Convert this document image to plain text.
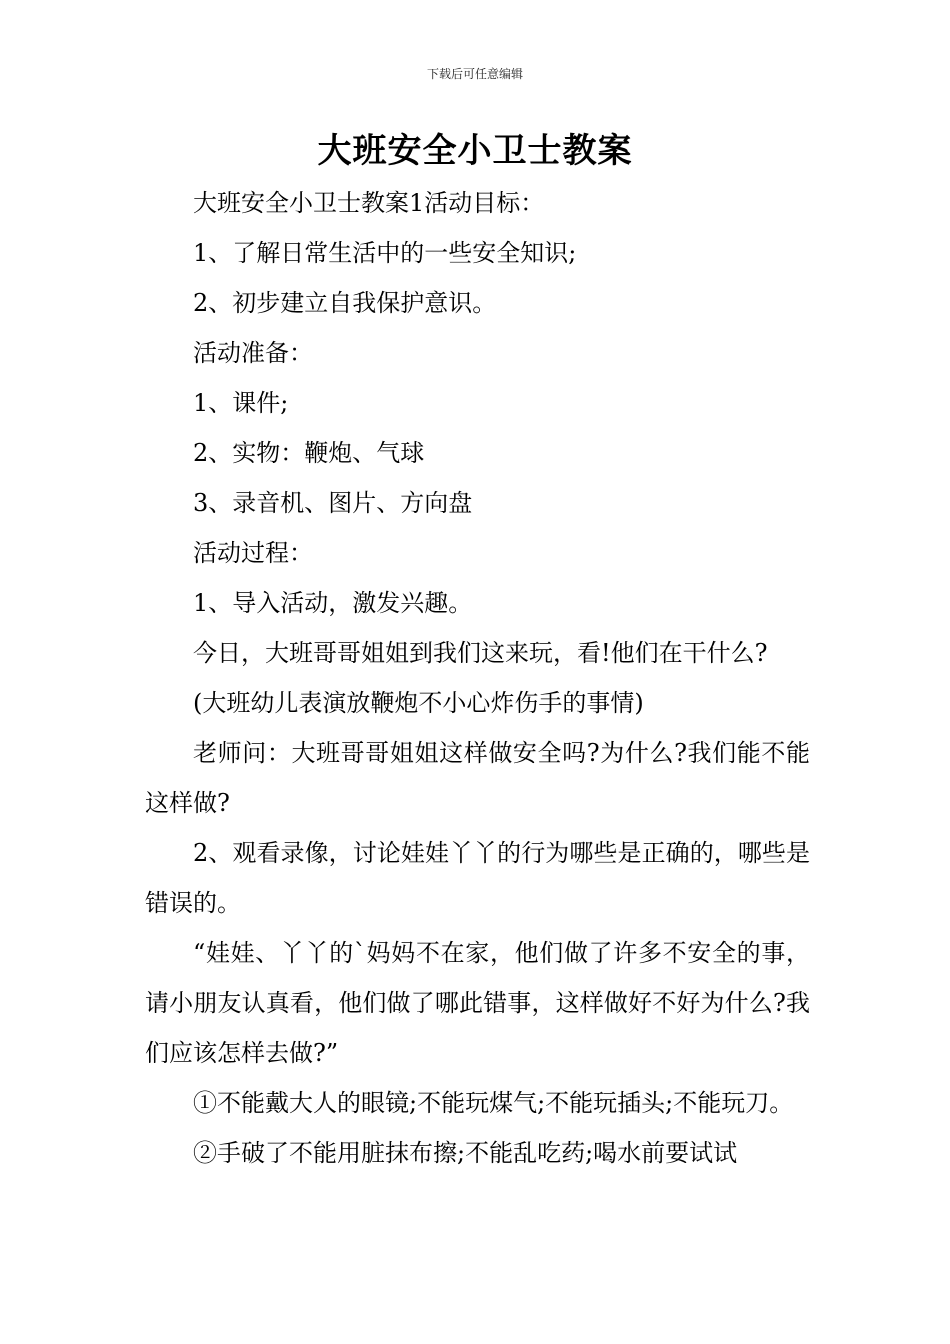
下载后可任意编辑
大班安全小卫士教案

大班安全小卫士教案1活动目标：

1、了解日常生活中的一些安全知识;

2、初步建立自我保护意识。

活动准备：

1、课件;

2、实物：鞭炮、气球

3、录音机、图片、方向盘

活动过程：

1、导入活动，激发兴趣。

今日，大班哥哥姐姐到我们这来玩，看!他们在干什么?

(大班幼儿表演放鞭炮不小心炸伤手的事情)

老师问：大班哥哥姐姐这样做安全吗?为什么?我们能不能这样做?

2、观看录像，讨论娃娃丫丫的行为哪些是正确的，哪些是错误的。

“娃娃、丫丫的`妈妈不在家，他们做了许多不安全的事，请小朋友认真看，他们做了哪此错事，这样做好不好为什么?我们应该怎样去做?”

①不能戴大人的眼镜;不能玩煤气;不能玩插头;不能玩刀。

②手破了不能用脏抹布擦;不能乱吃药;喝水前要试试
